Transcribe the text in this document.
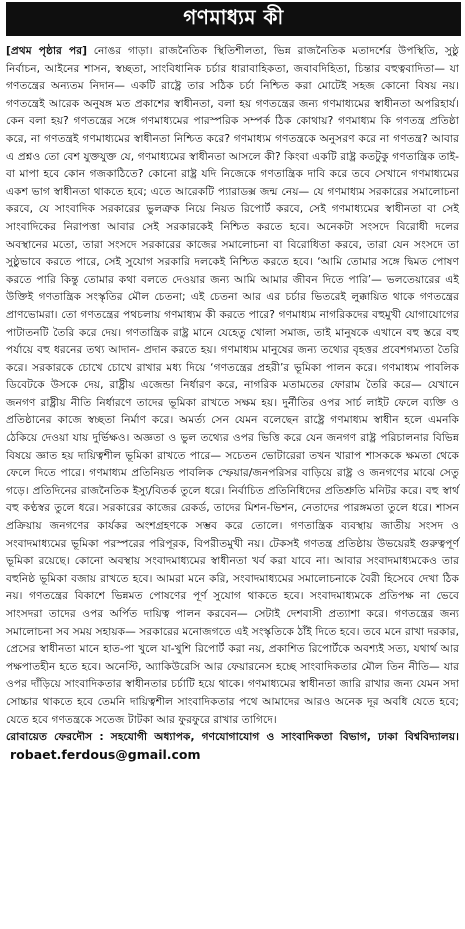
গণমাধ্যম কী

[প্রথম পৃষ্ঠার পর] নোঙর গাড়া। রাজনৈতিক স্থিতিশীলতা, ভিন্ন রাজনৈতিক মতাদর্শের উপস্থিতি, সুষ্ঠু নির্বাচন, আইনের শাসন, স্বচ্ছতা, সাংবিধানিক চর্চার ধারাবাহিকতা, জবাবদিহিতা, চিন্তার বহুত্ববাদিতা— যা গণতন্ত্রের অন্যতম নিদান— একটি রাষ্ট্রে তার সঠিক চর্চা নিশ্চিত করা মোটেই সহজ কোনো বিষয় নয়। গণতন্ত্রেই আরেক অনুষঙ্গ মত প্রকাশের স্বাধীনতা, বলা হয় গণতন্ত্রের জন্য গণমাধ্যমের স্বাধীনতা অপরিহার্য। কেন বলা হয়? গণতন্ত্রের সঙ্গে গণমাধ্যমের পারস্পরিক সম্পর্ক ঠিক কোথায়? গণমাধ্যম কি গণতন্ত্র প্রতিষ্ঠা করে, না গণতন্ত্রই গণমাধ্যমের স্বাধীনতা নিশ্চিত করে? গণমাধ্যম গণতন্ত্রকে অনুসরণ করে না গণতন্ত্র? আবার এ প্রশ্নও তো বেশ যুক্তযুক্ত যে, গণমাধ্যমের স্বাধীনতা আসলে কী? কিংবা একটি রাষ্ট্র কতটুকু গণতান্ত্রিক তাই-বা মাপা হবে কোন গজকাঠিতে? কোনো রাষ্ট্র যদি নিজেকে গণতান্ত্রিক দাবি করে তবে সেখানে গণমাধ্যমের একশ ভাগ স্বাধীনতা থাকতে হবে; এতে আরেকটি প্যারাডক্স জন্ম নেয়— যে গণমাধ্যম সরকারের সমালোচনা করবে, যে সাংবাদিক সরকারের ভুলত্রুক নিয়ে নিয়ত রিপোর্ট করবে, সেই গণমাধ্যমের স্বাধীনতা বা সেই সাংবাদিকের নিরাপত্তা আবার সেই সরকারকেই নিশ্চিত করতে হবে। অনেকটা সংসদে বিরোধী দলের অবস্থানের মতো, তারা সংসদে সরকারের কাজের সমালোচনা বা বিরোধিতা করবে, তারা যেন সংসদে তা সুষ্ঠুভাবে করতে পারে, সেই সুযোগ সরকারি দলকেই নিশ্চিত করতে হবে। ‘আমি তোমার সঙ্গে দ্বিমত পোষণ করতে পারি কিন্তু তোমার কথা বলতে দেওয়ার জন্য আমি আমার জীবন দিতে পারি’— ভলতেয়ারের এই উক্তিই গণতান্ত্রিক সংস্কৃতির মৌল চেতনা; এই চেতনা আর এর চর্চার ভিতরেই লুক্কায়িত থাকে গণতন্ত্রের প্রাণভোমরা। তো গণতন্ত্রের পথচলায় গণমাধ্যম কী করতে পারে? গণমাধ্যম নাগরিকদের বহুমুখী যোগাযোগের পাটাতনটি তৈরি করে দেয়। গণতান্ত্রিক রাষ্ট্র মানে যেহেতু খোলা সমাজ, তাই মানুষকে এখানে বহু স্তরে বহু পর্যায়ে বহু ধরনের তথ্য আদান- প্রদান করতে হয়। গণমাধ্যম মানুষের জন্য তথ্যের বৃহত্তর প্রবেশগম্যতা তৈরি করে। সরকারকে চোখে চোখে রাখার মধ্য দিয়ে ‘গণতন্ত্রের প্রহরী’র ভূমিকা পালন করে। গণমাধ্যম পাবলিক ডিবেটকে উসকে দেয়, রাষ্ট্রীয় এজেন্ডা নির্ধারণ করে, নাগরিক মতামতের ফোরাম তৈরি করে— যেখানে জনগণ রাষ্ট্রীয় নীতি নির্ধারণে তাদের ভূমিকা রাখতে সক্ষম হয়। দুর্নীতির ওপর সার্চ লাইট ফেলে ব্যক্তি ও প্রতিষ্ঠানের কাজে স্বচ্ছতা নির্মাণ করে। অমর্ত্য সেন যেমন বলেছেন রাষ্ট্রে গণমাধ্যম স্বাধীন হলে এমনকি ঠেকিয়ে দেওয়া যায় দুর্ভিক্ষও। অজ্ঞতা ও ভুল তথ্যের ওপর ভিত্তি করে যেন জনগণ রাষ্ট্র পরিচালনার বিভিন্ন বিষয়ে জ্ঞাত হয় দায়িত্বশীল ভূমিকা রাখতে পারে— সচেতন ভোটারেরা তখন খারাপ শাসককে ক্ষমতা থেকে ফেলে দিতে পারে। গণমাধ্যম প্রতিনিয়ত পাবলিক স্ফেয়ার/জনপরিসর বাড়িয়ে রাষ্ট্র ও জনগণের মাঝে সেতু গড়ে। প্রতিদিনের রাজনৈতিক ইস্যু/বিতর্ক তুলে ধরে। নির্বাচিত প্রতিনিধিদের প্রতিশ্রুতি মনিটর করে। বহু স্বার্থ বহু কণ্ঠস্বর তুলে ধরে। সরকারের কাজের রেকর্ড, তাদের মিশন-ভিশন, নেতাদের পারঙ্গমতা তুলে ধরে। শাসন প্রক্রিয়ায় জনগণের কার্যকর অংশগ্রহণকে সম্ভব করে তোলে। গণতান্ত্রিক ব্যবস্থায় জাতীয় সংসদ ও সংবাদমাধ্যমের ভূমিকা পরস্পরের পরিপূরক, বিপরীতমুখী নয়। টেকসই গণতন্ত্র প্রতিষ্ঠায় উভয়েরই গুরুত্বপূর্ণ ভূমিকা রয়েছে। কোনো অবস্থায় সংবাদমাধ্যমের স্বাধীনতা খর্ব করা যাবে না। আবার সংবাদমাধ্যমকেও তার বহুনিষ্ঠ ভূমিকা বজায় রাখতে হবে। আমরা মনে করি, সংবাদমাধ্যমের সমালোচনাকে বৈরী হিসেবে দেখা ঠিক নয়। গণতন্ত্রের বিকাশে ভিন্নমত পোষণের পূর্ণ সুযোগ থাকতে হবে। সংবাদমাধ্যমকে প্রতিপক্ষ না ভেবে সাংসদরা তাদের ওপর অর্পিত দায়িত্ব পালন করবেন— সেটাই দেশবাসী প্রত্যাশা করে। গণতন্ত্রের জন্য সমালোচনা সব সময় সহায়ক— সরকারের মনোজগতে এই সংস্কৃতিকে ঠাঁই দিতে হবে। তবে মনে রাখা দরকার, প্রেসের স্বাধীনতা মানে হাত-পা খুলে যা-খুশি রিপোর্ট করা নয়, প্রকাশিত রিপোর্টকে অবশ্যই সত্য, যথার্থ আর পক্ষপাতহীন হতে হবে। অনেস্টি, অ্যাকিউরেসি আর ফেয়ারনেস হচ্ছে সাংবাদিকতার মৌল তিন নীতি— যার ওপর দাঁড়িয়ে সাংবাদিকতার স্বাধীনতার চর্চাটি হয়ে থাকে। গণমাধ্যমের স্বাধীনতা জারি রাখার জন্য যেমন সদা সোচ্চার থাকতে হবে তেমনি দায়িত্বশীল সাংবাদিকতার পথে আমাদের আরও অনেক দূর অবধি যেতে হবে; যেতে হবে গণতন্ত্রকে সতেজ টাটকা আর ফুরফুরে রাখার তাগিদে।

রোবায়েত ফেরদৌস : সহযোগী অধ্যাপক, গণযোগাযোগ ও সাংবাদিকতা বিভাগ, ঢাকা বিশ্ববিদ্যালয়।robaet.ferdous@gmail.com
